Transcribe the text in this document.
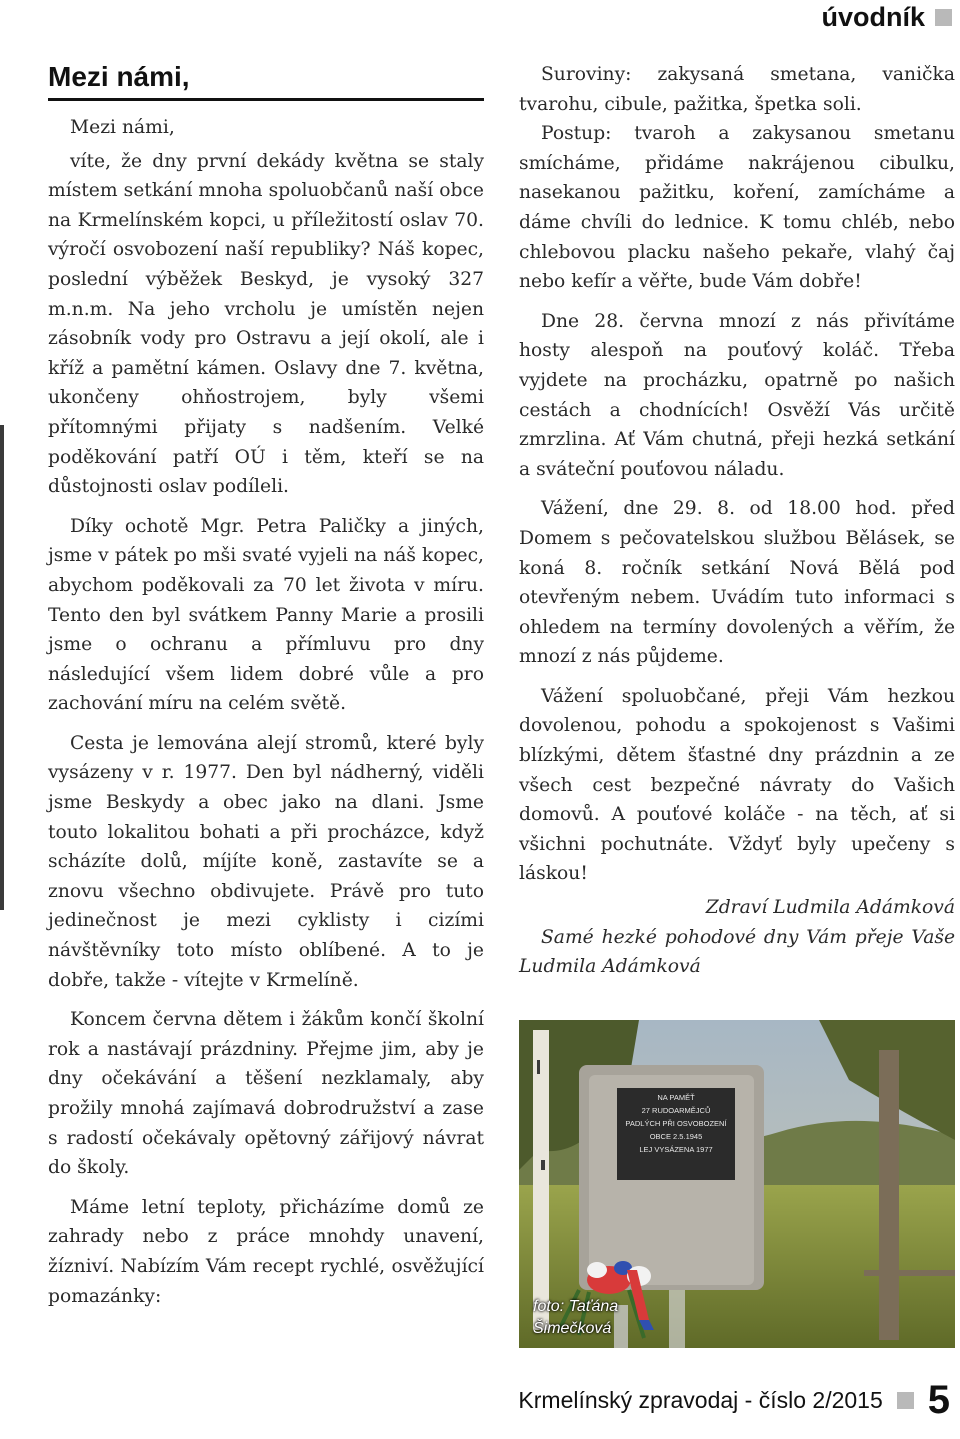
úvodník
Mezi námi,

Mezi námi,

víte, že dny první dekády května se staly místem setkání mnoha spoluobčanů naší obce na Krmelínském kopci, u příležitostí oslav 70. výročí osvobození naší republiky? Náš kopec, poslední výběžek Beskyd, je vysoký 327 m.n.m. Na jeho vrcholu je umístěn nejen zásobník vody pro Ostravu a její okolí, ale i kříž a pamětní kámen. Oslavy dne 7. května, ukončeny ohňostrojem, byly všemi přítomnými přijaty s nadšením. Velké poděkování patří OÚ i těm, kteří se na důstojnosti oslav podíleli.

Díky ochotě Mgr. Petra Paličky a jiných, jsme v pátek po mši svaté vyjeli na náš kopec, abychom poděkovali za 70 let života v míru. Tento den byl svátkem Panny Marie a prosili jsme o ochranu a přímluvu pro dny následující všem lidem dobré vůle a pro zachování míru na celém světě.

Cesta je lemována alejí stromů, které byly vysázeny v r. 1977. Den byl nádherný, viděli jsme Beskydy a obec jako na dlani. Jsme touto lokalitou bohati a při procházce, když scházíte dolů, míjíte koně, zastavíte se a znovu všechno obdivujete. Právě pro tuto jedinečnost je mezi cyklisty i cizími návštěvníky toto místo oblíbené. A to je dobře, takže - vítejte v Krmelíně.

Koncem června dětem i žákům končí školní rok a nastávají prázdniny. Přejme jim, aby je dny očekávání a těšení nezklamaly, aby prožily mnohá zajímavá dobrodružství a zase s radostí očekávaly opětovný zářijový návrat do školy.

Máme letní teploty, přicházíme domů ze zahrady nebo z práce mnohdy unavení, žízniví. Nabízím Vám recept rychlé, osvěžující pomazánky:

Suroviny: zakysaná smetana, vanička tvarohu, cibule, pažitka, špetka soli.

Postup: tvaroh a zakysanou smetanu smícháme, přidáme nakrájenou cibulku, nasekanou pažitku, koření, zamícháme a dáme chvíli do lednice. K tomu chléb, nebo chlebovou placku našeho pekaře, vlahý čaj nebo kefír a věřte, bude Vám dobře!

Dne 28. června mnozí z nás přivítáme hosty alespoň na pouťový koláč. Třeba vyjdete na procházku, opatrně po našich cestách a chodnících! Osvěží Vás určitě zmrzlina. Ať Vám chutná, přeji hezká setkání a sváteční pouťovou náladu.

Vážení, dne 29. 8. od 18.00 hod. před Domem s pečovatelskou službou Bělásek, se koná 8. ročník setkání Nová Bělá pod otevřeným nebem. Uvádím tuto informaci s ohledem na termíny dovolených a věřím, že mnozí z nás půjdeme.

Vážení spoluobčané, přeji Vám hezkou dovolenou, pohodu a spokojenost s Vašimi blízkými, dětem šťastné dny prázdnin a ze všech cest bezpečné návraty do Vašich domovů. A pouťové koláče - na těch, ať si všichni pochutnáte. Vždyť byly upečeny s láskou!

Zdraví Ludmila Adámková

Samé hezké pohodové dny Vám přeje Vaše Ludmila Adámková

NA PAMĚŤ
27 RUDOARMĚJCŮ
PADLÝCH PŘI OSVOBOZENÍ
OBCE 2.5.1945
LEJ VYSÁZENA 1977
foto: Taťána
Šimečková
Krmelínský zpravodaj - číslo 2/2015 5
